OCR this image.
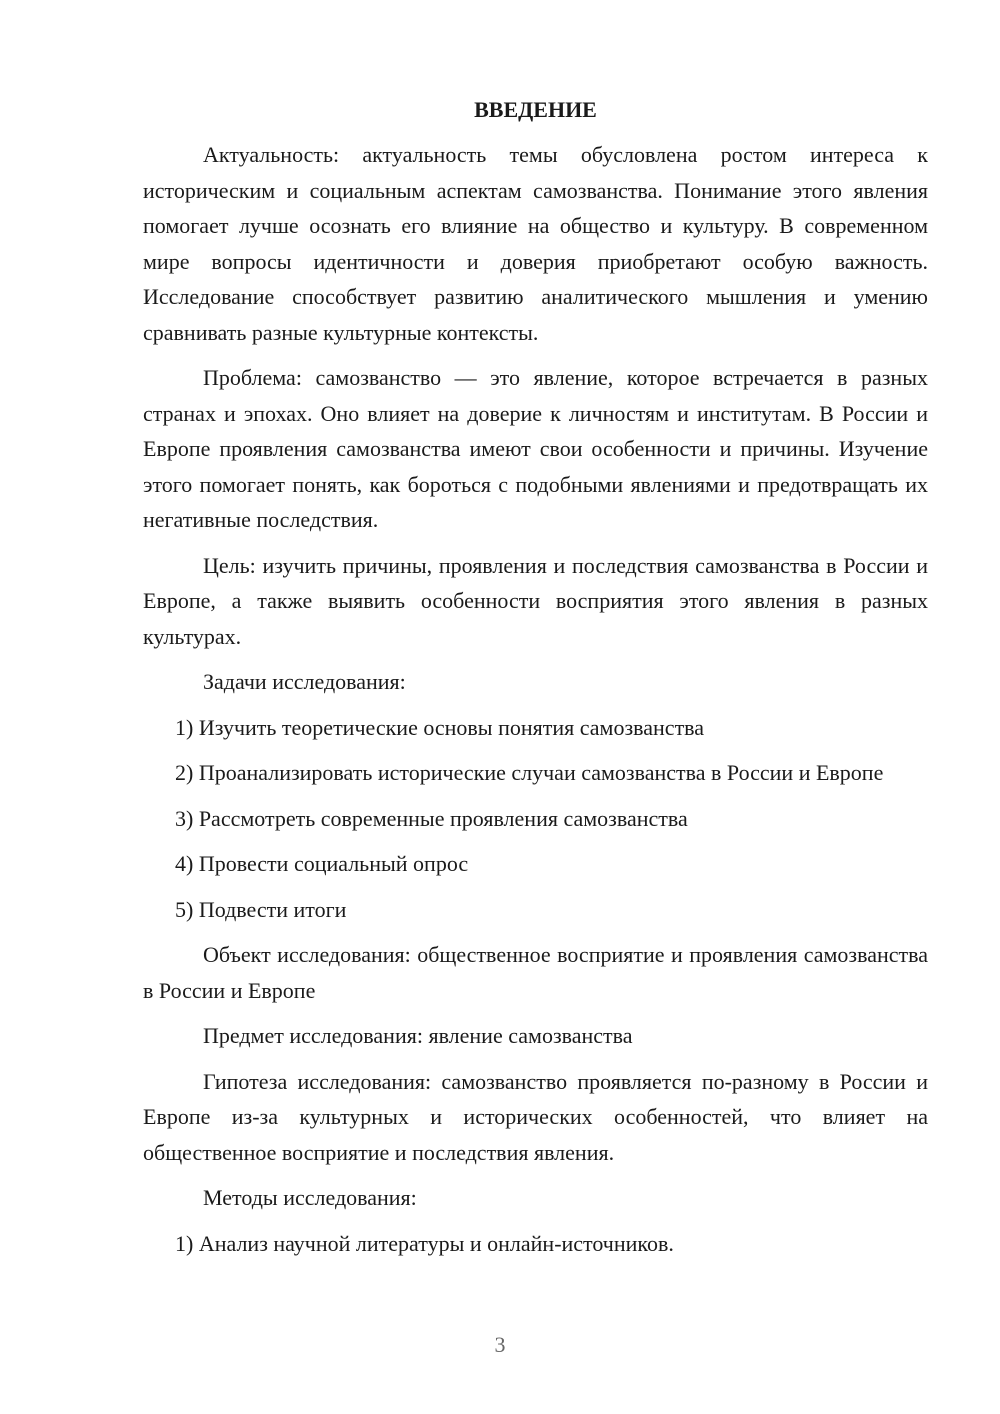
ВВЕДЕНИЕ

Актуальность: актуальность темы обусловлена ростом интереса к историческим и социальным аспектам самозванства. Понимание этого явления помогает лучше осознать его влияние на общество и культуру. В современном мире вопросы идентичности и доверия приобретают особую важность. Исследование способствует развитию аналитического мышления и умению сравнивать разные культурные контексты.

Проблема: самозванство — это явление, которое встречается в разных странах и эпохах. Оно влияет на доверие к личностям и институтам. В России и Европе проявления самозванства имеют свои особенности и причины. Изучение этого помогает понять, как бороться с подобными явлениями и предотвращать их негативные последствия.

Цель: изучить причины, проявления и последствия самозванства в России и Европе, а также выявить особенности восприятия этого явления в разных культурах.

Задачи исследования:

1) Изучить теоретические основы понятия самозванства

2) Проанализировать исторические случаи самозванства в России и Европе

3) Рассмотреть современные проявления самозванства

4) Провести социальный опрос

5) Подвести итоги

Объект исследования: общественное восприятие и проявления самозванства в России и Европе

Предмет исследования: явление самозванства

Гипотеза исследования: самозванство проявляется по-разному в России и Европе из-за культурных и исторических особенностей, что влияет на общественное восприятие и последствия явления.

Методы исследования:

1) Анализ научной литературы и онлайн-источников.

3
